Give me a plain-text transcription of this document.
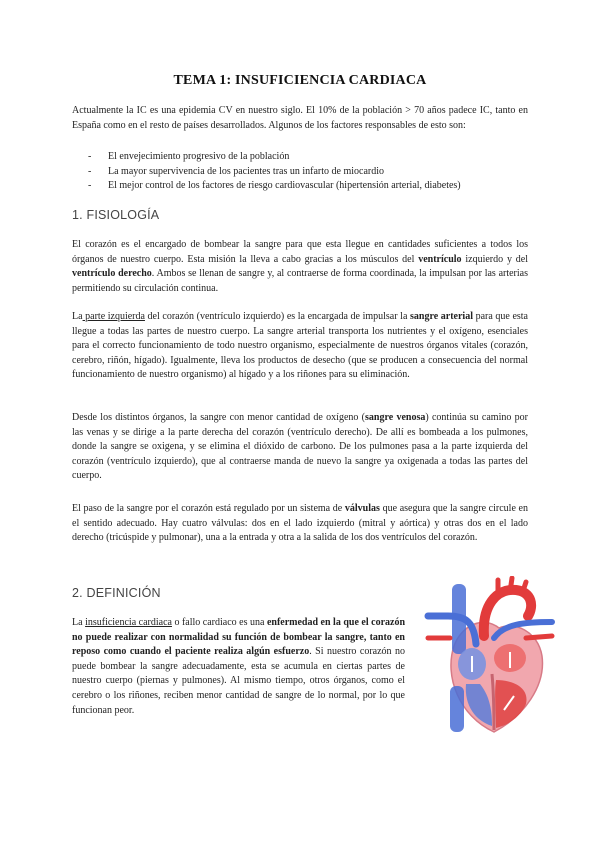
TEMA 1: INSUFICIENCIA CARDIACA

Actualmente la IC es una epidemia CV en nuestro siglo. El 10% de la población > 70 años padece IC, tanto en España como en el resto de países desarrollados. Algunos de los factores responsables de esto son:

- El envejecimiento progresivo de la población
- La mayor supervivencia de los pacientes tras un infarto de miocardio
- El mejor control de los factores de riesgo cardiovascular (hipertensión arterial, diabetes)
1. FISIOLOGÍA

El corazón es el encargado de bombear la sangre para que esta llegue en cantidades suficientes a todos los órganos de nuestro cuerpo. Esta misión la lleva a cabo gracias a los músculos del ventrículo izquierdo y del ventrículo derecho. Ambos se llenan de sangre y, al contraerse de forma coordinada, la impulsan por las arterias permitiendo su circulación continua.

La parte izquierda del corazón (ventrículo izquierdo) es la encargada de impulsar la sangre arterial para que esta llegue a todas las partes de nuestro cuerpo. La sangre arterial transporta los nutrientes y el oxígeno, esenciales para el correcto funcionamiento de todo nuestro organismo, especialmente de nuestros órganos vitales (corazón, cerebro, riñón, hígado). Igualmente, lleva los productos de desecho (que se producen a consecuencia del normal funcionamiento de nuestro organismo) al hígado y a los riñones para su eliminación.

Desde los distintos órganos, la sangre con menor cantidad de oxígeno (sangre venosa) continúa su camino por las venas y se dirige a la parte derecha del corazón (ventrículo derecho). De allí es bombeada a los pulmones, donde la sangre se oxigena, y se elimina el dióxido de carbono. De los pulmones pasa a la parte izquierda del corazón (ventrículo izquierdo), que al contraerse manda de nuevo la sangre ya oxigenada a todas las partes del cuerpo.

El paso de la sangre por el corazón está regulado por un sistema de válvulas que asegura que la sangre circule en el sentido adecuado. Hay cuatro válvulas: dos en el lado izquierdo (mitral y aórtica) y otras dos en el lado derecho (tricúspide y pulmonar), una a la entrada y otra a la salida de los dos ventrículos del corazón.

2. DEFINICIÓN

La insuficiencia cardiaca o fallo cardiaco es una enfermedad en la que el corazón no puede realizar con normalidad su función de bombear la sangre, tanto en reposo como cuando el paciente realiza algún esfuerzo. Si nuestro corazón no puede bombear la sangre adecuadamente, esta se acumula en ciertas partes de nuestro cuerpo (piernas y pulmones). Al mismo tiempo, otros órganos, como el cerebro o los riñones, reciben menor cantidad de sangre de lo normal, por lo que funcionan peor.
